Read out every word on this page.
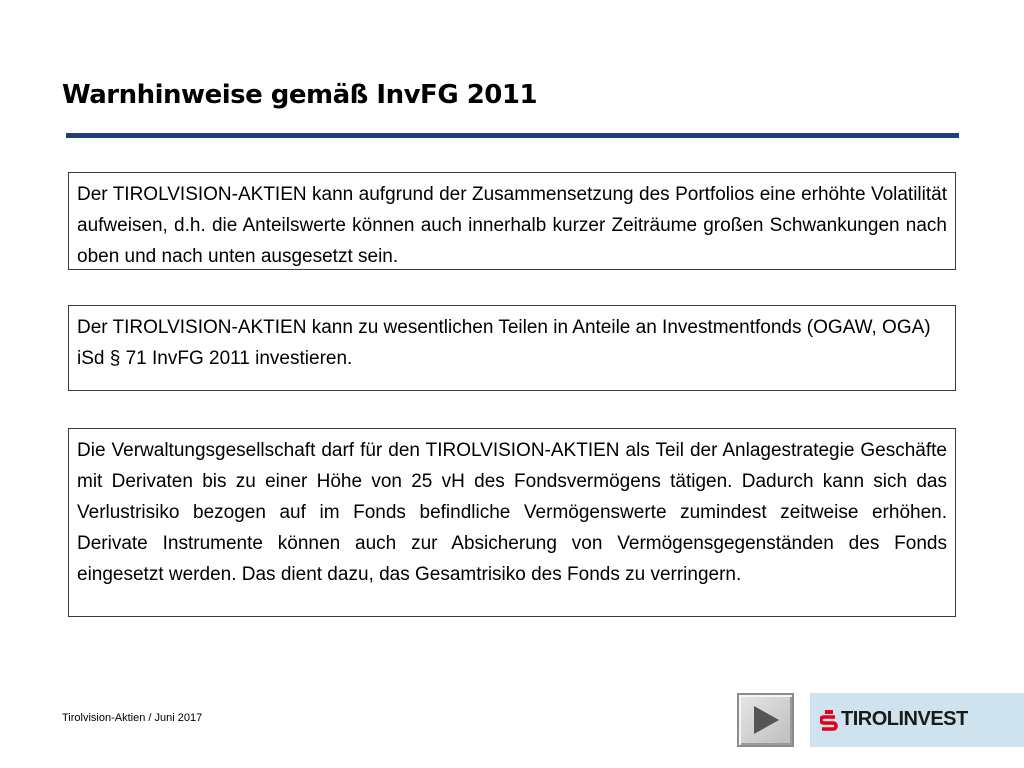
Warnhinweise gemäß InvFG 2011
Der TIROLVISION-AKTIEN kann aufgrund der Zusammensetzung des Portfolios eine erhöhte Volatilität aufweisen, d.h. die Anteilswerte können auch innerhalb kurzer Zeiträume großen Schwankungen nach oben und nach unten ausgesetzt sein.
Der TIROLVISION-AKTIEN kann zu wesentlichen Teilen in Anteile an Investmentfonds (OGAW, OGA) iSd § 71 InvFG 2011 investieren.
Die Verwaltungsgesellschaft darf für den TIROLVISION-AKTIEN als Teil der Anlagestrategie Geschäfte mit Derivaten bis zu einer Höhe von 25 vH des Fondsvermögens tätigen. Dadurch kann sich das Verlustrisiko bezogen auf im Fonds befindliche Vermögenswerte zumindest zeitweise erhöhen. Derivate Instrumente können auch zur Absicherung von Vermögensgegenständen des Fonds eingesetzt werden. Das dient dazu, das Gesamtrisiko des Fonds zu verringern.
Tirolvision-Aktien / Juni 2017	TIROLINVEST
